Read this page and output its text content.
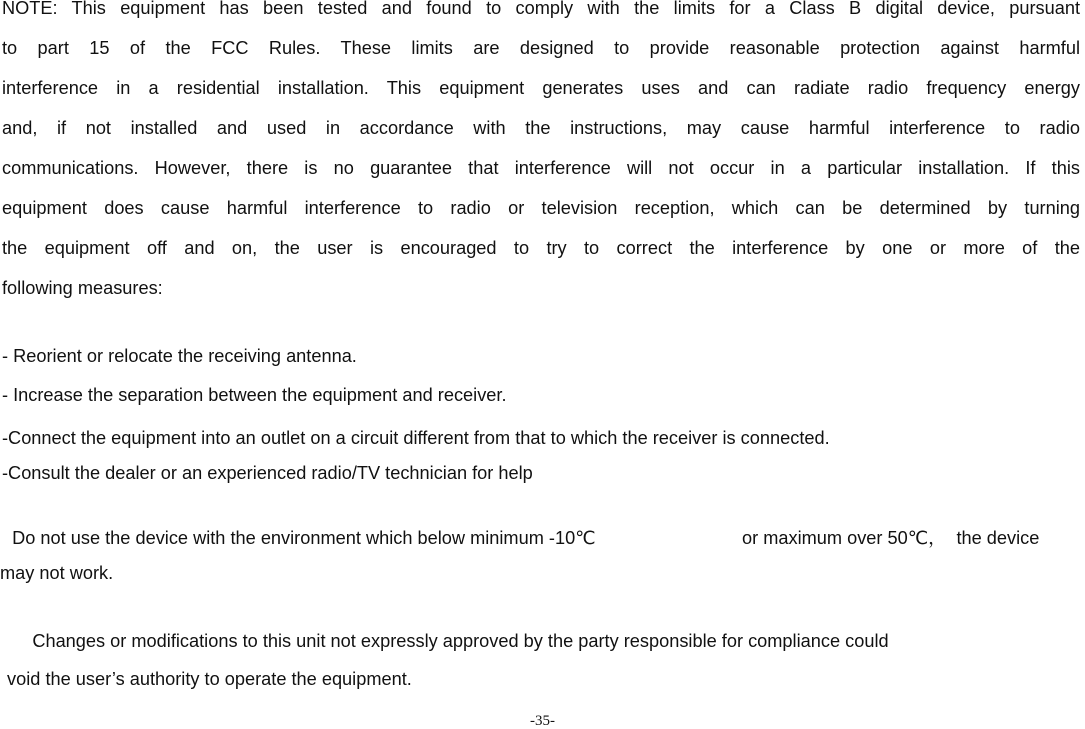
NOTE: This equipment has been tested and found to comply with the limits for a Class B digital device, pursuant
to part 15 of the FCC Rules. These limits are designed to provide reasonable protection against harmful
interference in a residential installation. This equipment generates uses and can radiate radio frequency energy
and, if not installed and used in accordance with the instructions, may cause harmful interference to radio
communications. However, there is no guarantee that interference will not occur in a particular installation. If this
equipment does cause harmful interference to radio or television reception, which can be determined by turning
the equipment off and on, the user is encouraged to try to correct the interference by one or more of the
following measures:
- Reorient or relocate the receiving antenna.
- Increase the separation between the equipment and receiver.
-Connect the equipment into an outlet on a circuit different from that to which the receiver is connected.
-Consult the dealer or an experienced radio/TV technician for help
Do not use the device with the environment which below minimum -10℃	or maximum over 50℃，  the device
may not work.
Changes or modifications to this unit not expressly approved by the party responsible for compliance could
void the user’s authority to operate the equipment.
-35-
